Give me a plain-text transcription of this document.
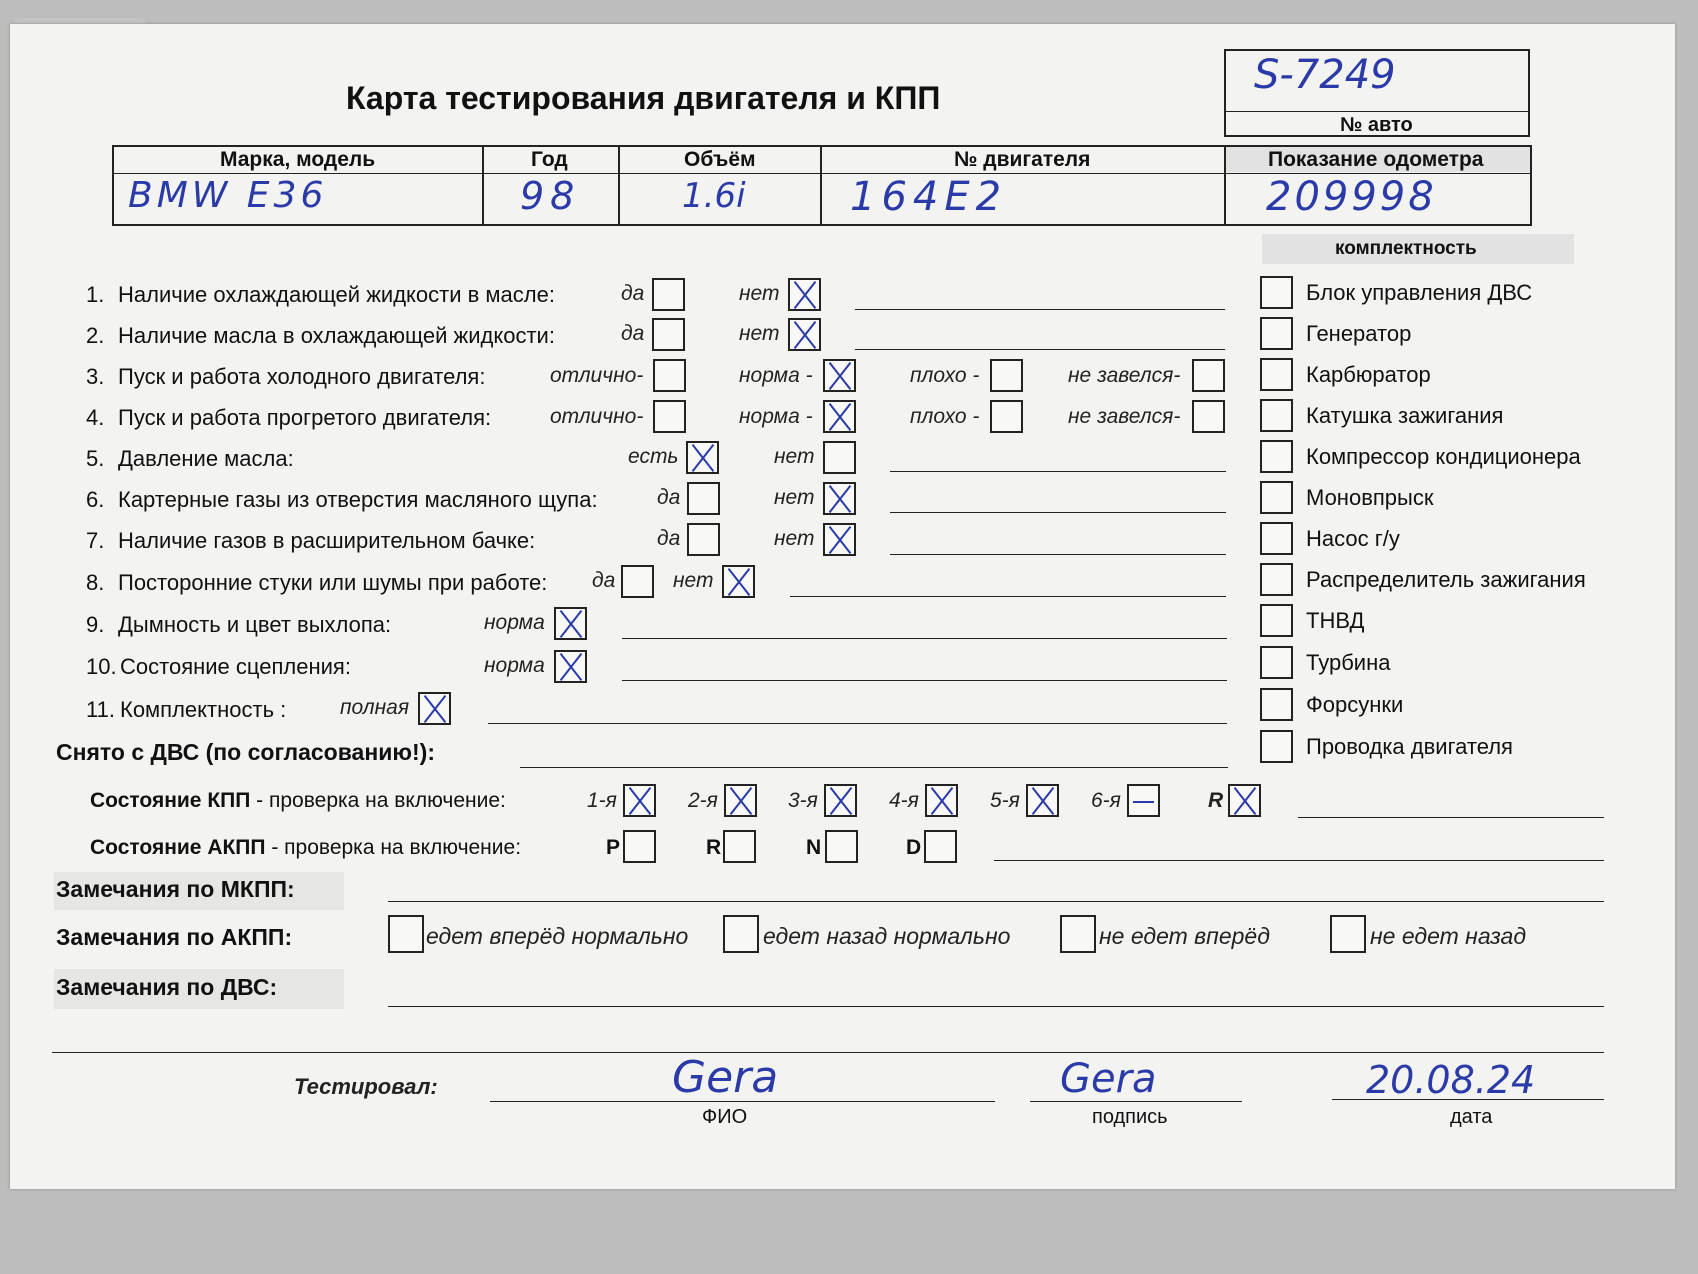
Карта тестирования двигателя и КПП	S-7249
№ авто
Марка, модель	Год	Объём	№ двигателя	Показание одометра
BMW E36	98	1.6i	164E2	209998
комплектность
Блок управления ДВС
Генератор
Карбюратор
Катушка зажигания
Компрессор кондиционера
Моновпрыск
Насос г/у
Распределитель зажигания
ТНВД
Турбина
Форсунки
Проводка двигателя
1. Наличие охлаждающей жидкости в масле:	да	нет
2. Наличие масла в охлаждающей жидкости:	да	нет
3. Пуск и работа холодного двигателя:	отлично-	норма -	плохо -	не завелся-
4. Пуск и работа прогретого двигателя:	отлично-	норма -	плохо -	не завелся-
5. Давление масла:	есть	нет
6. Картерные газы из отверстия масляного щупа:	да	нет
7. Наличие газов в расширительном бачке:	да	нет
8. Посторонние стуки или шумы при работе: да	нет
9. Дымность и цвет выхлопа:	норма
10. Состояние сцепления:	норма
11. Комплектность :	полная
Снято с ДВС (по согласованию!):
Состояние КПП - проверка на включение:	1-я	2-я	3-я	4-я	5-я	6-я	R
Состояние АКПП - проверка на включение:	P	R	N	D
Замечания по МКПП:
Замечания по АКПП:	едет вперёд нормально	едет назад нормально	не едет вперёд	не едет назад
Замечания по ДВС:
Тестировал:	Gera
ФИО
Gera
подпись
20.08.24
дата
